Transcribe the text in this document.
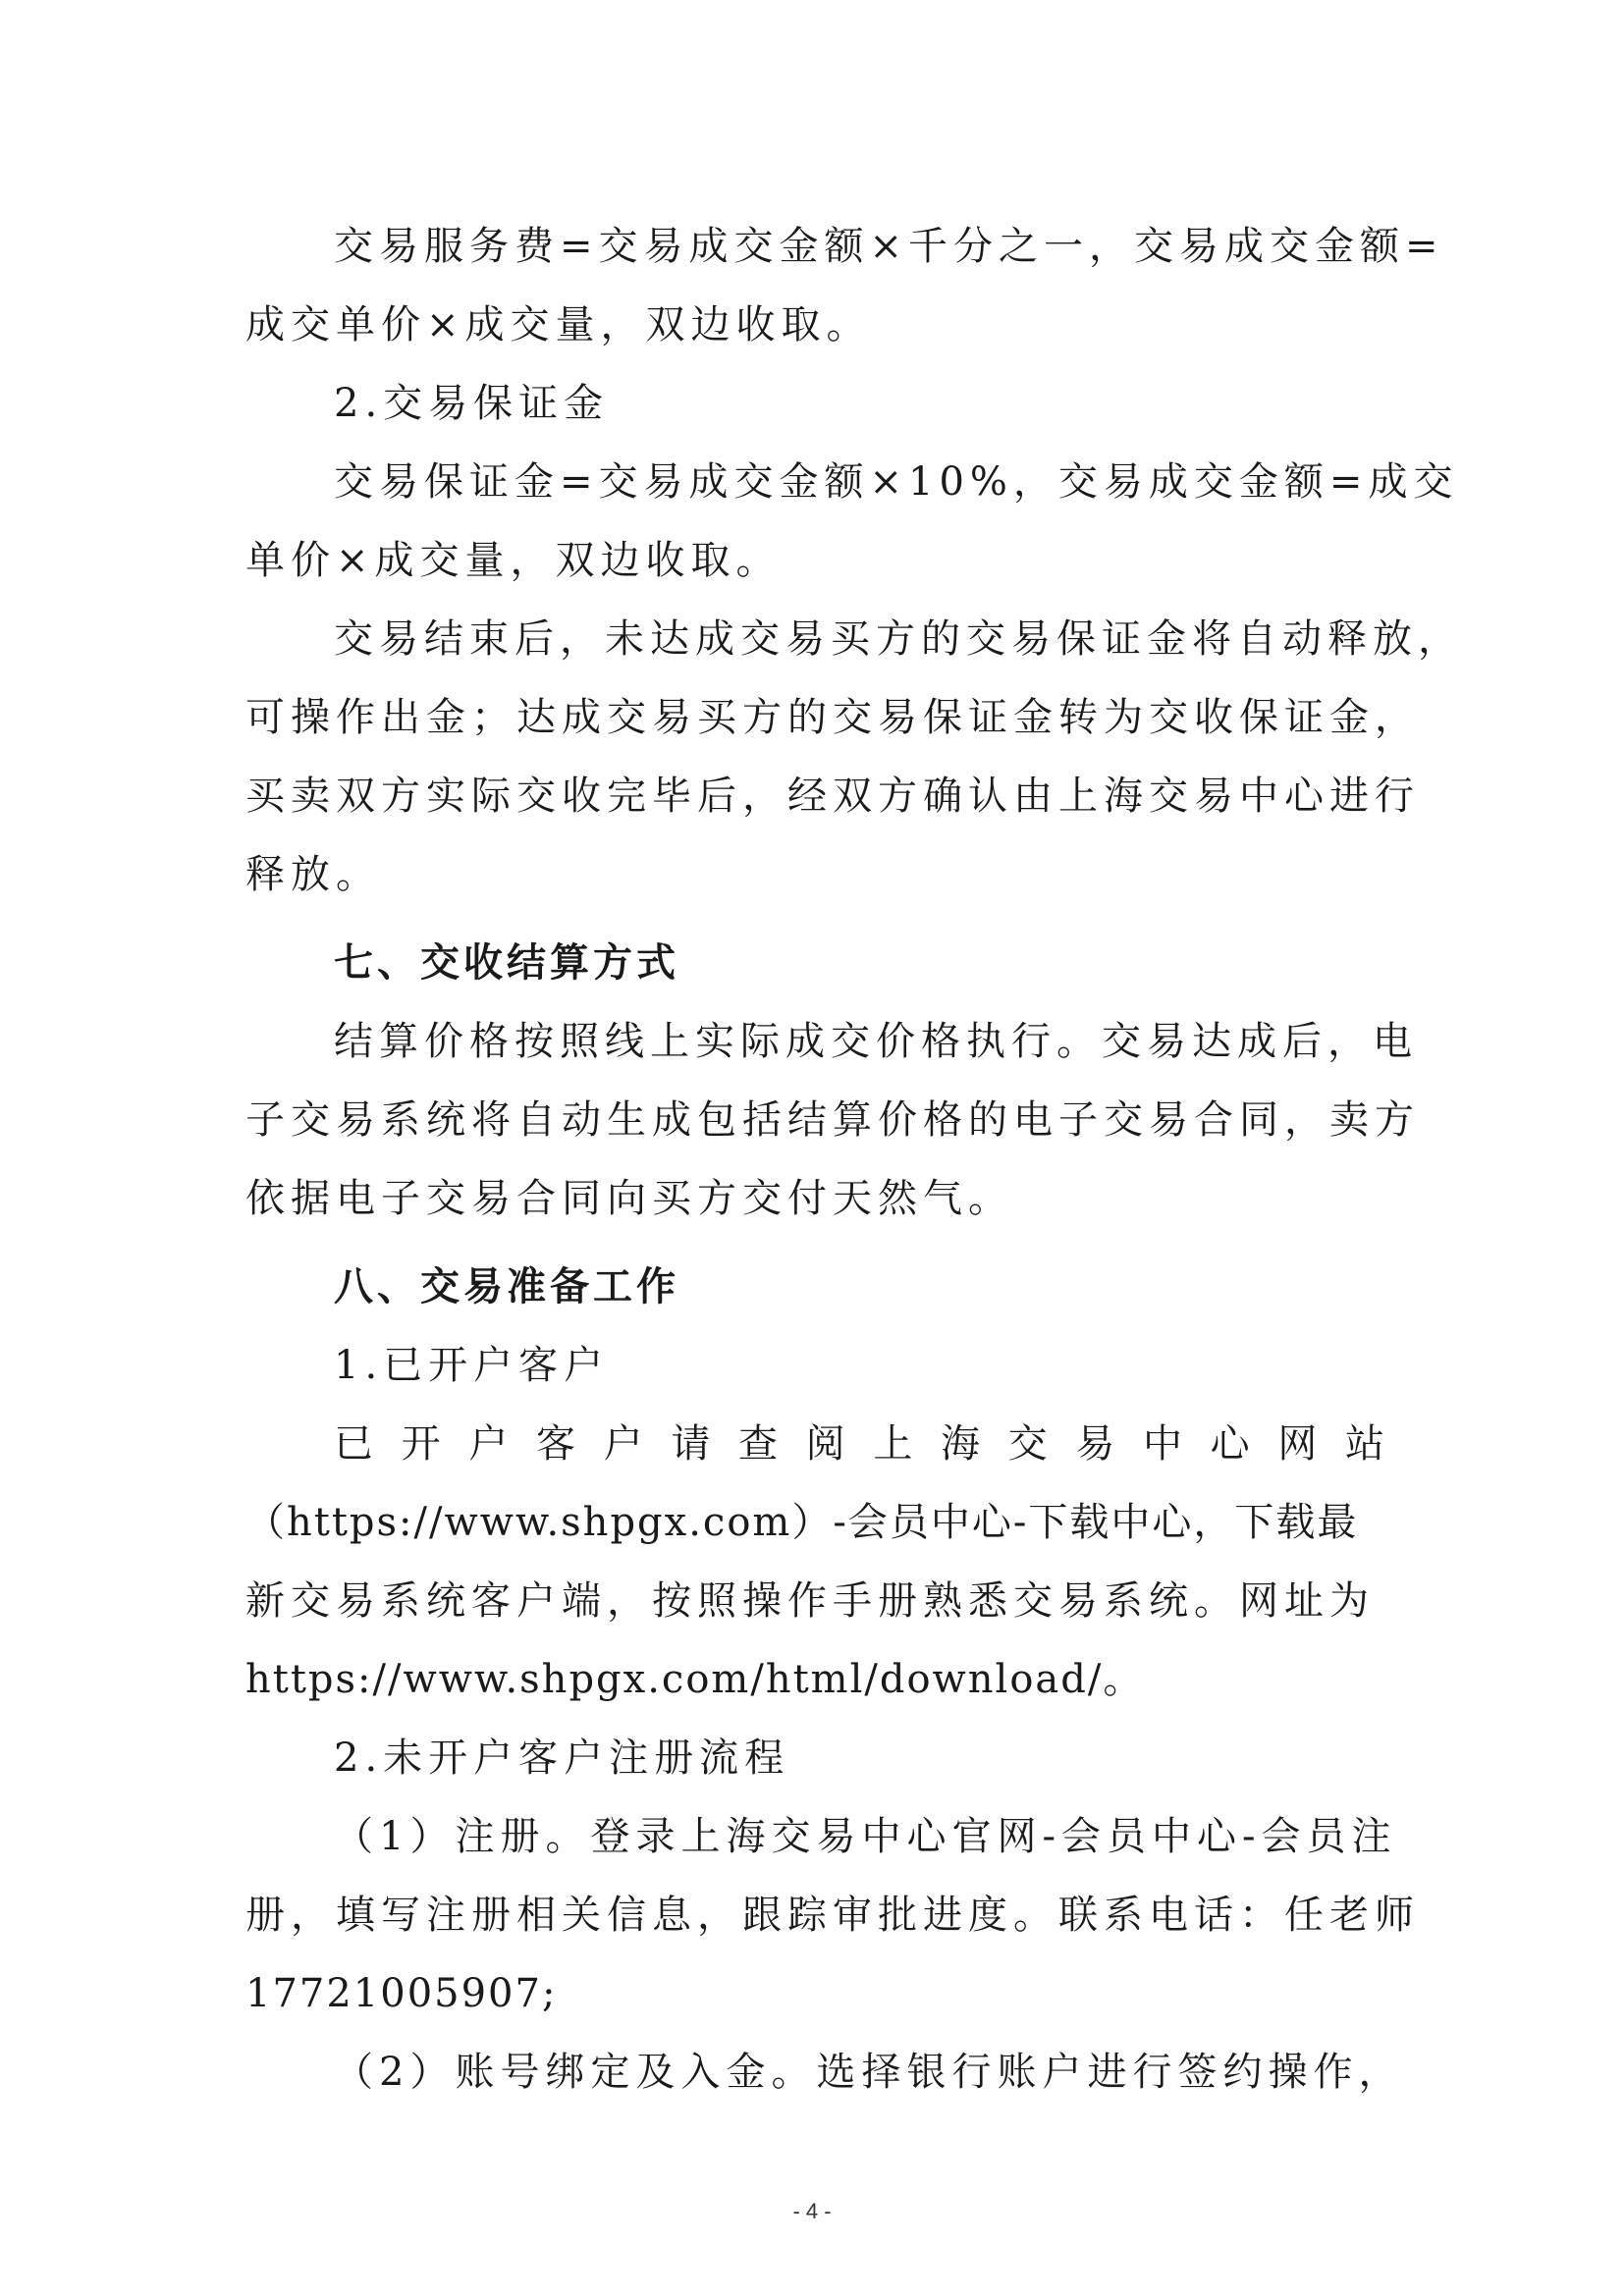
交易服务费=交易成交金额×千分之一，交易成交金额=
成交单价×成交量，双边收取。
2.交易保证金
交易保证金=交易成交金额×10%，交易成交金额=成交
单价×成交量，双边收取。
交易结束后，未达成交易买方的交易保证金将自动释放，
可操作出金；达成交易买方的交易保证金转为交收保证金，
买卖双方实际交收完毕后，经双方确认由上海交易中心进行
释放。
七、交收结算方式
结算价格按照线上实际成交价格执行。交易达成后，电
子交易系统将自动生成包括结算价格的电子交易合同，卖方
依据电子交易合同向买方交付天然气。
八、交易准备工作
1.已开户客户
已开户客户请查阅上海交易中心网站
（https://www.shpgx.com）-会员中心-下载中心，下载最
新交易系统客户端，按照操作手册熟悉交易系统。网址为
https://www.shpgx.com/html/download/。
2.未开户客户注册流程
（1）注册。登录上海交易中心官网-会员中心-会员注
册，填写注册相关信息，跟踪审批进度。联系电话：任老师
17721005907;
（2）账号绑定及入金。选择银行账户进行签约操作，
- 4 -
